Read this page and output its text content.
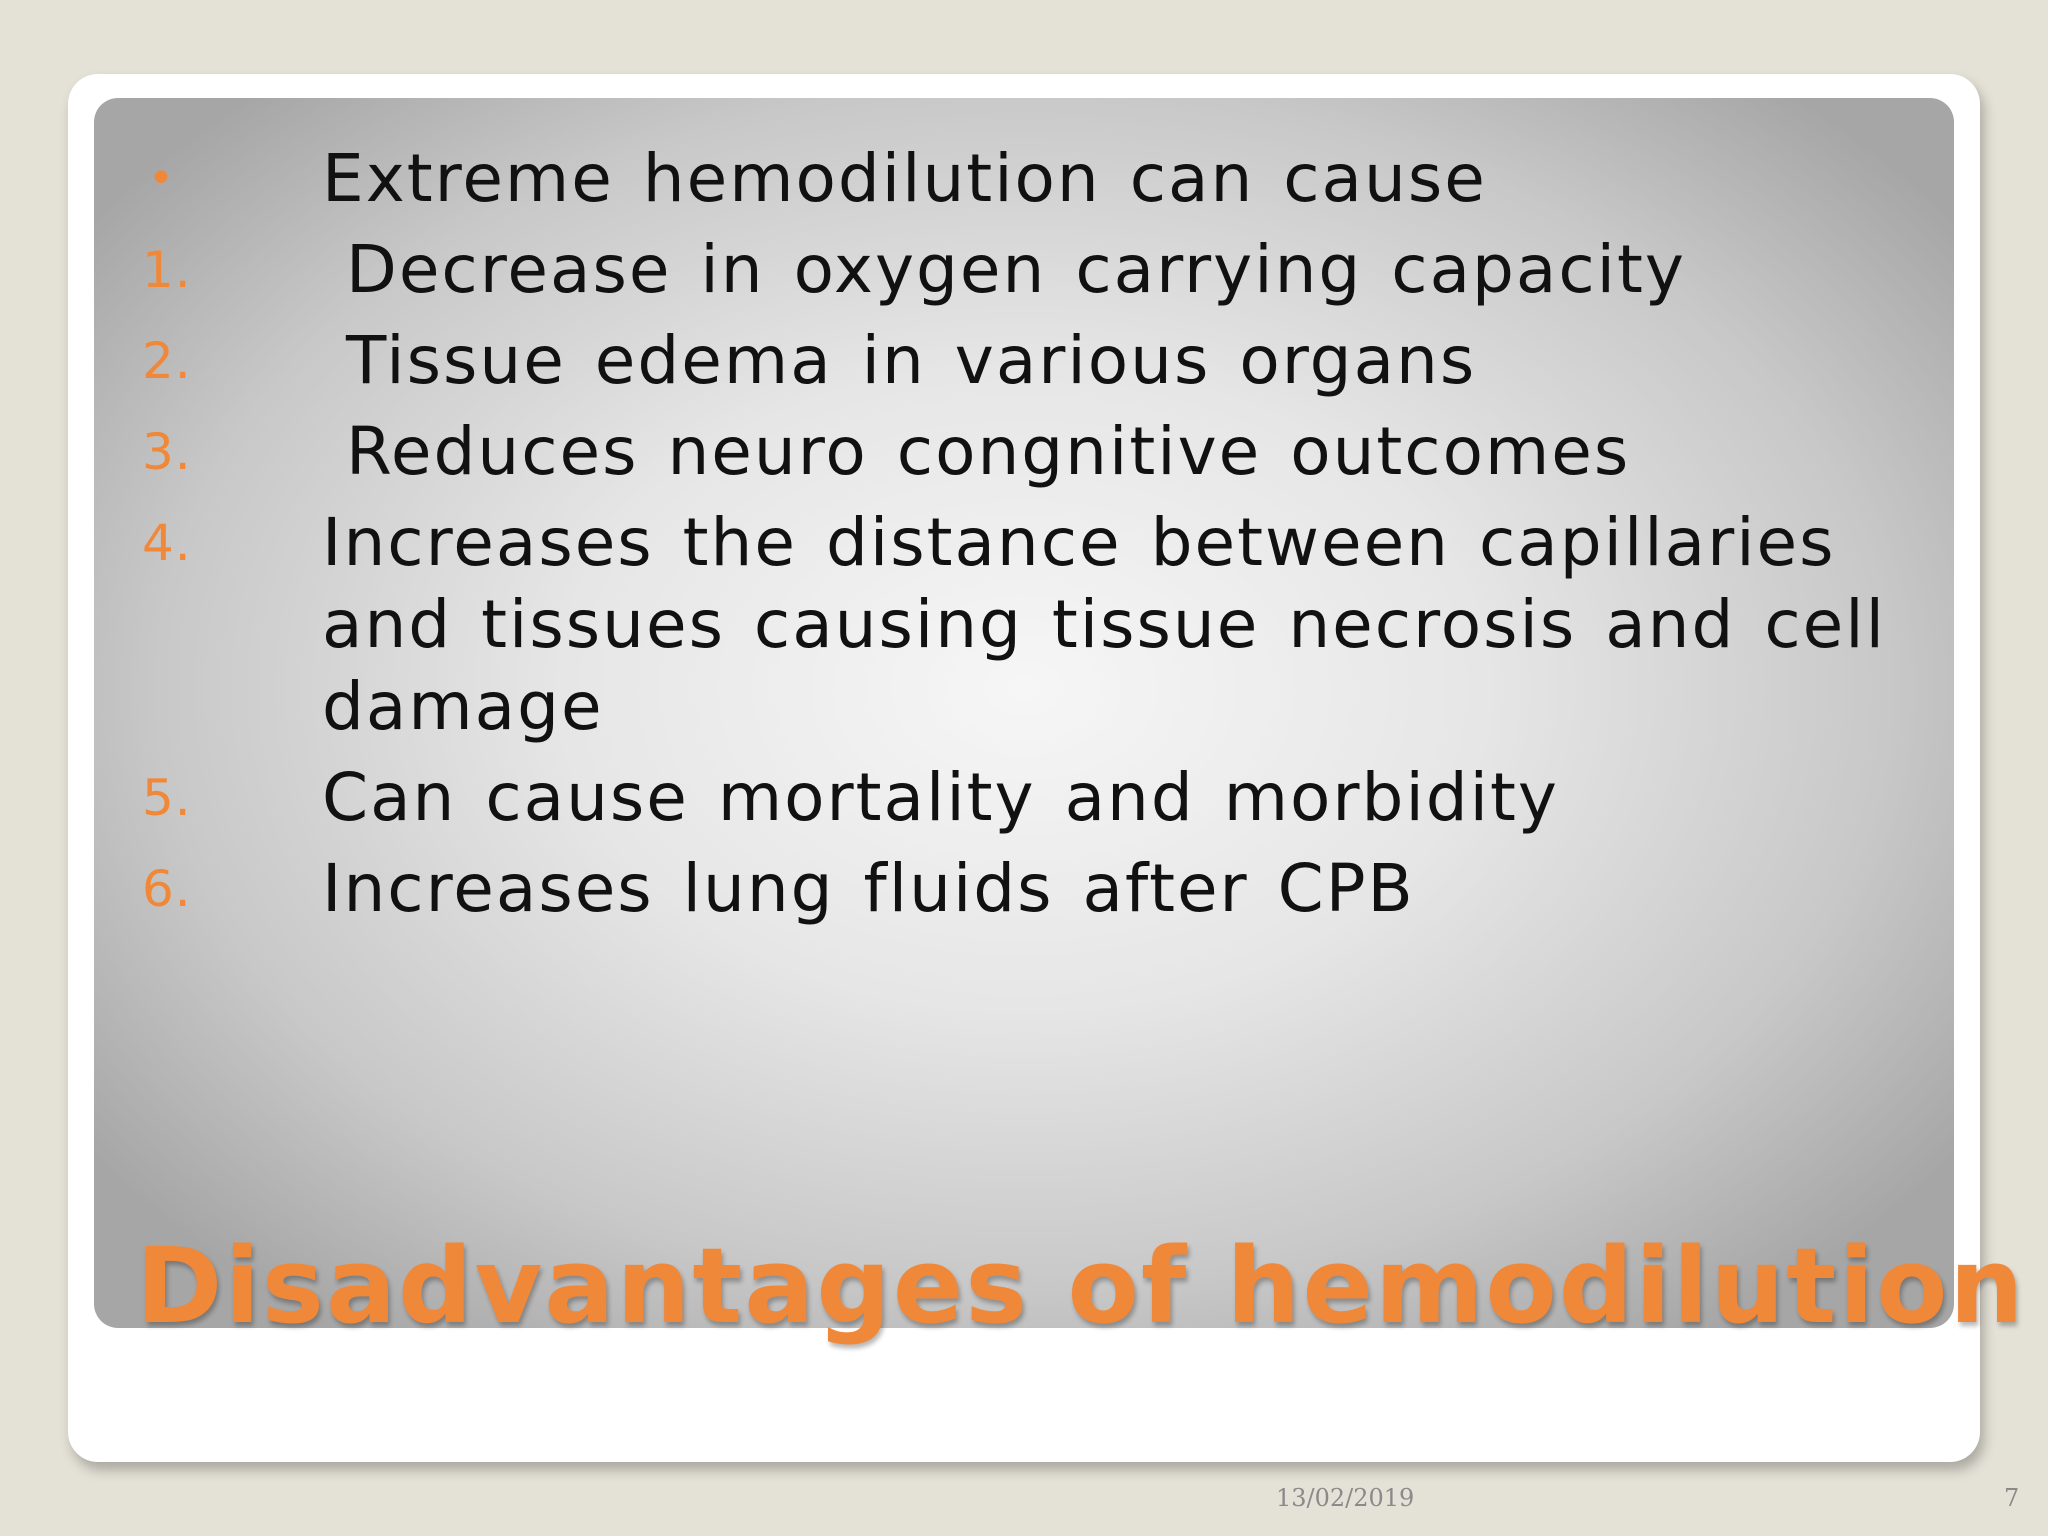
•	Extreme hemodilution can cause
1.	Decrease in oxygen carrying capacity
2.	Tissue edema in various organs
3.	Reduces neuro congnitive outcomes
4.	Increases the distance between capillaries and tissues causing tissue necrosis and cell damage
5.	Can cause mortality and morbidity
6.	Increases lung fluids after CPB
13/02/2019	7
Disadvantages of hemodilution
